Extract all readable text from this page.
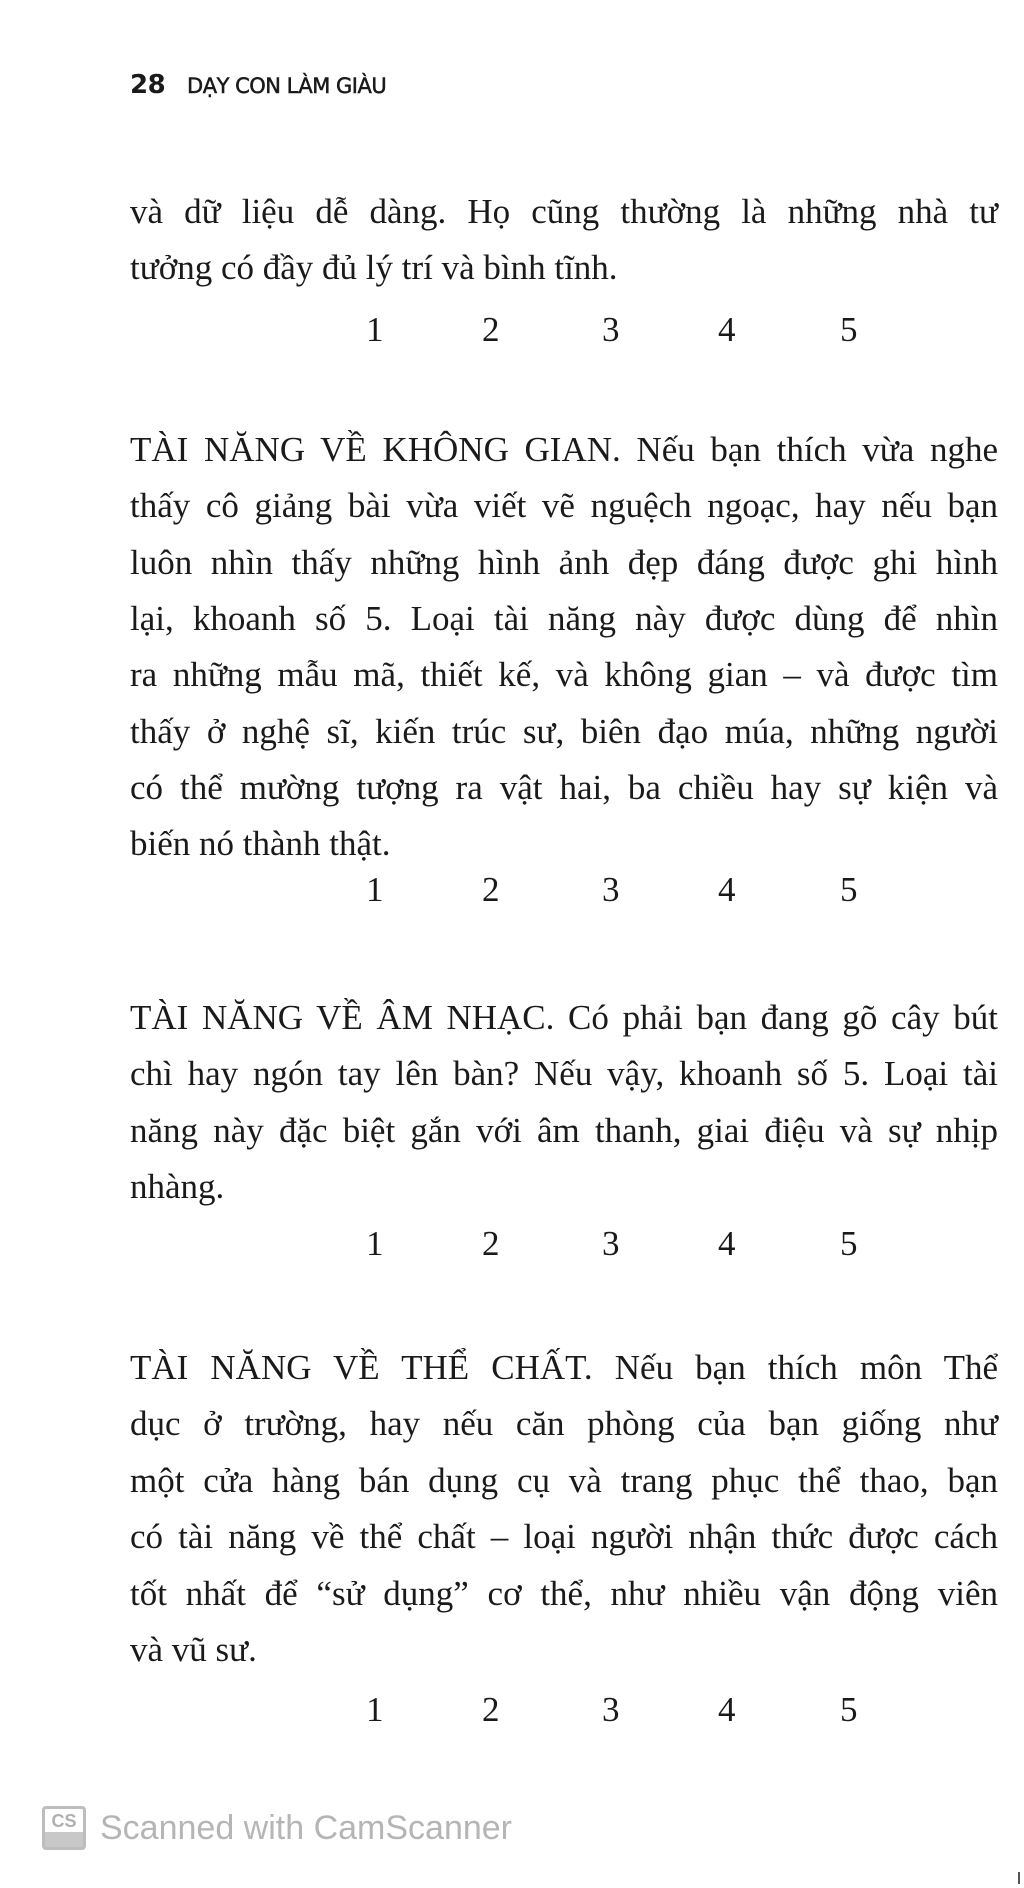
28 DẠY CON LÀM GIÀU
và dữ liệu dễ dàng. Họ cũng thường là những nhà tư
tưởng có đầy đủ lý trí và bình tĩnh.
1	2	3	4	5
TÀI NĂNG VỀ KHÔNG GIAN. Nếu bạn thích vừa nghe
thấy cô giảng bài vừa viết vẽ nguệch ngoạc, hay nếu bạn
luôn nhìn thấy những hình ảnh đẹp đáng được ghi hình
lại, khoanh số 5. Loại tài năng này được dùng để nhìn
ra những mẫu mã, thiết kế, và không gian – và được tìm
thấy ở nghệ sĩ, kiến trúc sư, biên đạo múa, những người
có thể mường tượng ra vật hai, ba chiều hay sự kiện và
biến nó thành thật.
1	2	3	4	5
TÀI NĂNG VỀ ÂM NHẠC. Có phải bạn đang gõ cây bút
chì hay ngón tay lên bàn? Nếu vậy, khoanh số 5. Loại tài
năng này đặc biệt gắn với âm thanh, giai điệu và sự nhịp
nhàng.
1	2	3	4	5
TÀI NĂNG VỀ THỂ CHẤT. Nếu bạn thích môn Thể
dục ở trường, hay nếu căn phòng của bạn giống như
một cửa hàng bán dụng cụ và trang phục thể thao, bạn
có tài năng về thể chất – loại người nhận thức được cách
tốt nhất để “sử dụng” cơ thể, như nhiều vận động viên
và vũ sư.
1	2	3	4	5
CS Scanned with CamScanner
